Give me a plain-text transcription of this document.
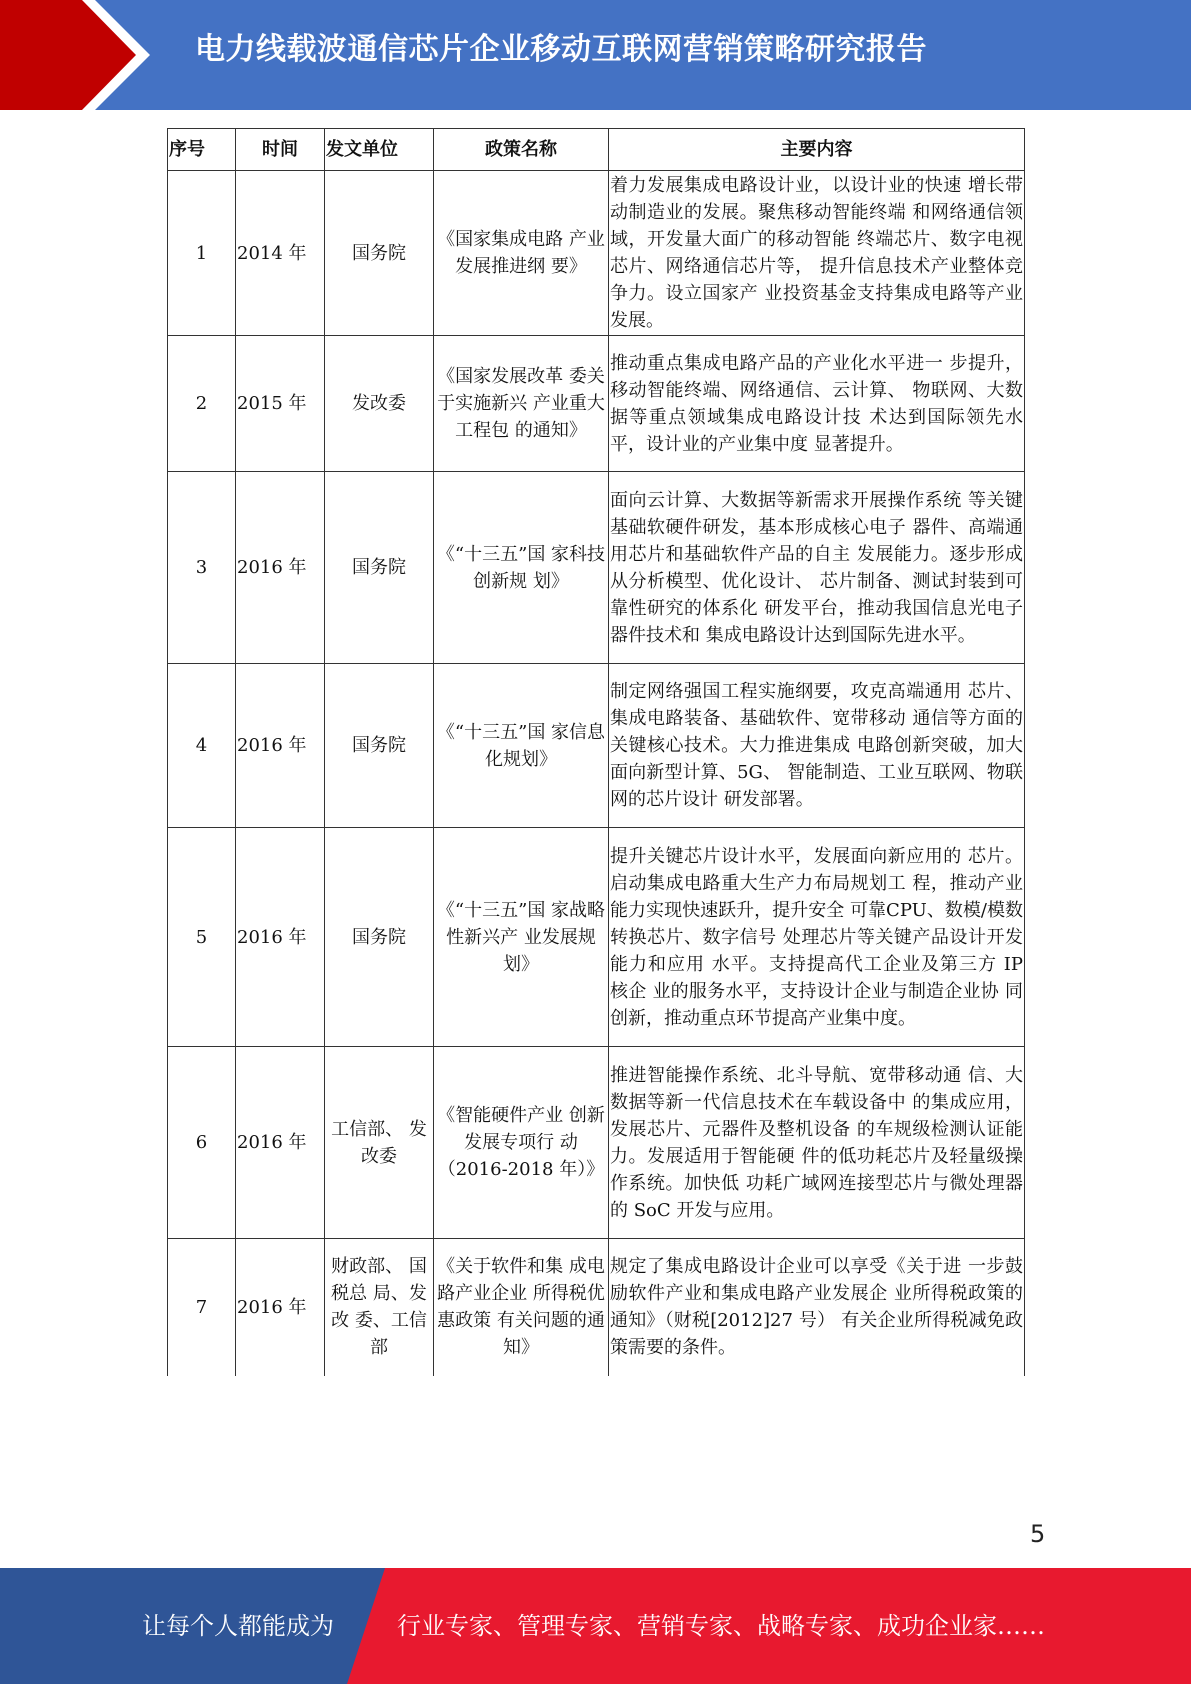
电力线载波通信芯片企业移动互联网营销策略研究报告
序号	时间	发文单位	政策名称	主要内容
1	2014 年	国务院	《国家集成电路 产业发展推进纲 要》	着力发展集成电路设计业，以设计业的快速 增长带动制造业的发展。聚焦移动智能终端 和网络通信领域，开发量大面广的移动智能 终端芯片、数字电视芯片、网络通信芯片等， 提升信息技术产业整体竞争力。设立国家产 业投资基金支持集成电路等产业发展。
2	2015 年	发改委	《国家发展改革 委关于实施新兴 产业重大工程包 的通知》	推动重点集成电路产品的产业化水平进一 步提升，移动智能终端、网络通信、云计算、 物联网、大数据等重点领域集成电路设计技 术达到国际领先水平，设计业的产业集中度 显著提升。
3	2016 年	国务院	《“十三五”国 家科技创新规 划》	面向云计算、大数据等新需求开展操作系统 等关键基础软硬件研发，基本形成核心电子 器件、高端通用芯片和基础软件产品的自主 发展能力。逐步形成从分析模型、优化设计、 芯片制备、测试封装到可靠性研究的体系化 研发平台，推动我国信息光电子器件技术和 集成电路设计达到国际先进水平。
4	2016 年	国务院	《“十三五”国 家信息化规划》	制定网络强国工程实施纲要，攻克高端通用 芯片、集成电路装备、基础软件、宽带移动 通信等方面的关键核心技术。大力推进集成 电路创新突破，加大面向新型计算、5G、 智能制造、工业互联网、物联网的芯片设计 研发部署。
5	2016 年	国务院	《“十三五”国 家战略性新兴产 业发展规划》	提升关键芯片设计水平，发展面向新应用的 芯片。启动集成电路重大生产力布局规划工 程，推动产业能力实现快速跃升，提升安全 可靠CPU、数模/模数转换芯片、数字信号 处理芯片等关键产品设计开发能力和应用 水平。支持提高代工企业及第三方 IP 核企 业的服务水平，支持设计企业与制造企业协 同创新，推动重点环节提高产业集中度。
6	2016 年	工信部、 发改委	《智能硬件产业 创新发展专项行 动 （2016-2018 年）》	推进智能操作系统、北斗导航、宽带移动通 信、大数据等新一代信息技术在车载设备中 的集成应用，发展芯片、元器件及整机设备 的车规级检测认证能力。发展适用于智能硬 件的低功耗芯片及轻量级操作系统。加快低 功耗广域网连接型芯片与微处理器的 SoC 开发与应用。
7	2016 年	财政部、 国税总 局、发改 委、工信 部	《关于软件和集 成电路产业企业 所得税优惠政策 有关问题的通 知》	规定了集成电路设计企业可以享受《关于进 一步鼓励软件产业和集成电路产业发展企 业所得税政策的通知》（财税[2012]27 号） 有关企业所得税减免政策需要的条件。
5
让每个人都能成为	行业专家、管理专家、营销专家、战略专家、成功企业家……
